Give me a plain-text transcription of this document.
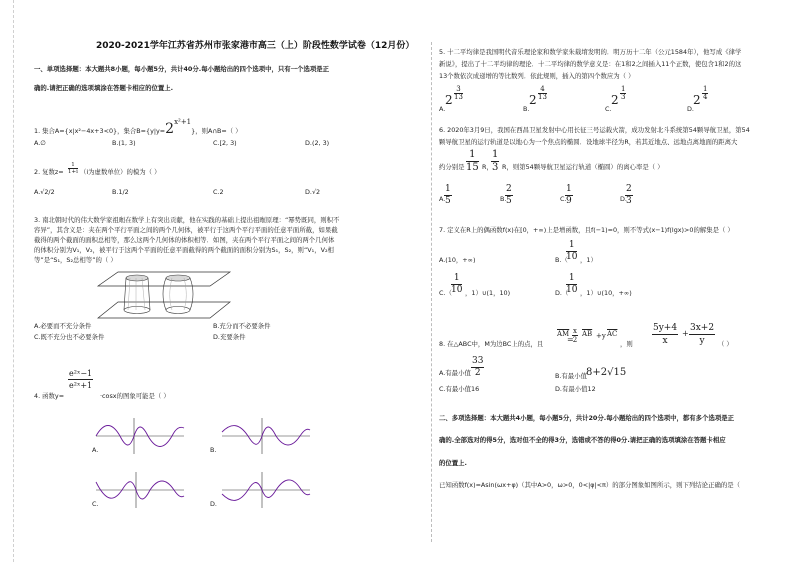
2020-2021学年江苏省苏州市张家港市高三（上）阶段性数学试卷（12月份）
一、单项选择题：本大题共8小题，每小题5分，共计40分.每小题给出的四个选项中，只有一个选项是正
确的.请把正确的选项填涂在答题卡相应的位置上.
1. 集合A={x|x²−4x+3<0}，集合$B=\{y|y=2^{x^2+1}\}$，则A∩B=（ ）
A.∅	B.(1, 3)	C.[2, 3)	D.(2, 3)
2. 复数$z= \frac{1}{1+i} (i$为虚数单位）的模为（ ）
A.√2/2	B.1/2	C.2	D.√2
3. 南北朝时代的伟大数学家祖暅在数学上有突出贡献，他在实践的基础上提出祖暅原理：“幂势既同，则积不
容异”，其含义是：夹在两个平行平面之间的两个几何体，被平行于这两个平行平面的任意平面所截，如果截
截得的两个截面的面积总相等，那么这两个几何体的体积相等．如图，夹在两个平行平面之间的两个几何体
的体积分别为V₁，V₂，被平行于这两个平面的任意平面截得的两个截面的面积分别为S₁，S₂，则“V₁，V₂相
等”是“S₁，S₂总相等”的（ ）
A.必要而不充分条件	B.充分而不必要条件
C.既不充分也不必要条件	D.充要条件
4. 函数y=
$\frac{\text{e²ˣ−1}}{\text{e²ˣ+1}}$
·cosx的图象可能是（ ）
A.	B.
C.	D.
5. 十二平均律是我国明代音乐理论家和数学家朱载堉发明的．明万历十二年（公元1584年），他写成《律学
新说》，提出了十二平均律的理论．十二平均律的数学意义是：在1和2之间插入11个正数，使包含1和2的这
13个数依次成递增的等比数列．依此规则，插入的第四个数应为（ ）
A.
$2 \frac{3}{13}$
B.
$2 \frac{4}{13}$
C.
$2 \frac{1}{3}$
D.
$2 \frac{1}{4}$
6. 2020年3月9日，我国在西昌卫星发射中心用长征三号运载火箭，成功发射北斗系统第54颗导航卫星，第54
颗导航卫星的运行轨道是以地心为一个焦点的椭圆．设地球半径为R，若其近地点、远地点离地面的距离大
约分别是 $\frac{1}{15}$ R，
$\frac{1}{3}$ R，则第54颗导航卫星运行轨道（椭圆）的离心率是（ ）
A.
$\frac{1}{5}$	B.
$\frac{2}{5}$	C.
$\frac{1}{9}$	D.
$\frac{2}{3}$
7. 定义在R上的偶函数f(x)在[0，+∞)上是增函数，且f(−1)=0，则不等式(x−1)f(lgx)>0的解集是（ ）
A.(10，+∞)	B.（
$\frac{1}{10}$ ，1）
$C.( \frac{1}{10}$ ，1）∪(1，10)	D.（
$\frac{1}{10}$ ，1）∪(10，+∞)
8. 在△ABC中，M为边BC上的点，且
$\overline{AM}$
=
$\frac{x}{2} \overline{AB} +y$ $\overline{AC}$
，则 $\frac{5y+4}{x} + \frac{3x+2}{y}$ （ ）
A.有最小值 $\frac{33}{2}$	B.有最小值 8+2√15
C.有最小值16	D.有最小值12
二、多项选择题：本大题共4小题，每小题5分，共计20分.每小题给出的四个选项中，都有多个选项是正
确的.全部选对的得5分，选对但不全的得3分，选错或不答的得0分.请把正确的选项填涂在答题卡相应
的位置上.
已知函数f(x)=Asin(ωx+φ)（其中A>0，ω>0，0<|φ|<π）的部分图象如图所示，则下列结论正确的是（
